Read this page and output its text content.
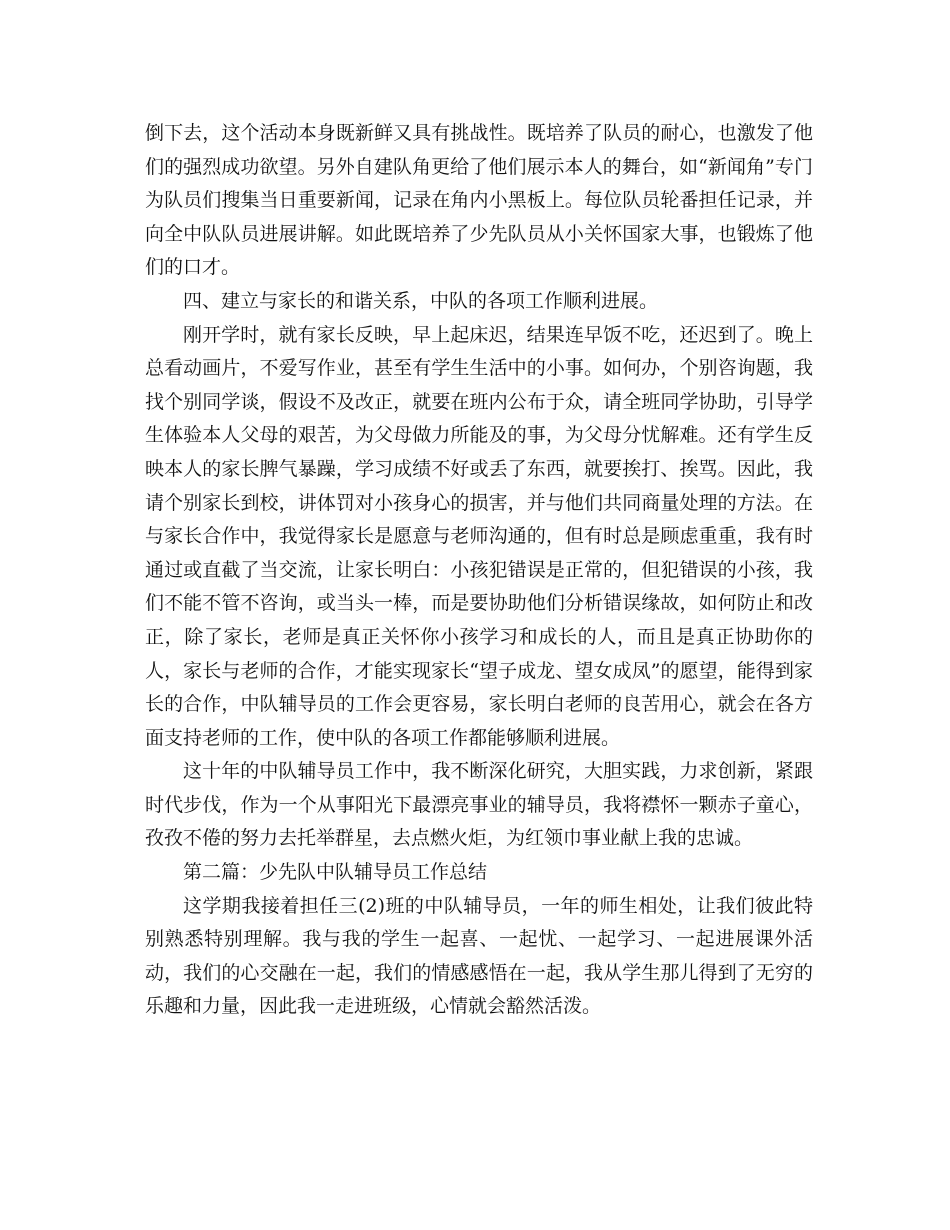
倒下去，这个活动本身既新鲜又具有挑战性。既培养了队员的耐心，也激发了他们的强烈成功欲望。另外自建队角更给了他们展示本人的舞台，如“新闻角”专门为队员们搜集当日重要新闻，记录在角内小黑板上。每位队员轮番担任记录，并向全中队队员进展讲解。如此既培养了少先队员从小关怀国家大事，也锻炼了他们的口才。

四、建立与家长的和谐关系，中队的各项工作顺利进展。

刚开学时，就有家长反映，早上起床迟，结果连早饭不吃，还迟到了。晚上总看动画片，不爱写作业，甚至有学生生活中的小事。如何办，个别咨询题，我找个别同学谈，假设不及改正，就要在班内公布于众，请全班同学协助，引导学生体验本人父母的艰苦，为父母做力所能及的事，为父母分忧解难。还有学生反映本人的家长脾气暴躁，学习成绩不好或丢了东西，就要挨打、挨骂。因此，我请个别家长到校，讲体罚对小孩身心的损害，并与他们共同商量处理的方法。在与家长合作中，我觉得家长是愿意与老师沟通的，但有时总是顾虑重重，我有时通过或直截了当交流，让家长明白：小孩犯错误是正常的，但犯错误的小孩，我们不能不管不咨询，或当头一棒，而是要协助他们分析错误缘故，如何防止和改正，除了家长，老师是真正关怀你小孩学习和成长的人，而且是真正协助你的人，家长与老师的合作，才能实现家长“望子成龙、望女成凤”的愿望，能得到家长的合作，中队辅导员的工作会更容易，家长明白老师的良苦用心，就会在各方面支持老师的工作，使中队的各项工作都能够顺利进展。

这十年的中队辅导员工作中，我不断深化研究，大胆实践，力求创新，紧跟时代步伐，作为一个从事阳光下最漂亮事业的辅导员，我将襟怀一颗赤子童心，孜孜不倦的努力去托举群星，去点燃火炬，为红领巾事业献上我的忠诚。

第二篇：少先队中队辅导员工作总结

这学期我接着担任三(2)班的中队辅导员，一年的师生相处，让我们彼此特别熟悉特别理解。我与我的学生一起喜、一起忧、一起学习、一起进展课外活动，我们的心交融在一起，我们的情感感悟在一起，我从学生那儿得到了无穷的乐趣和力量，因此我一走进班级，心情就会豁然活泼。
